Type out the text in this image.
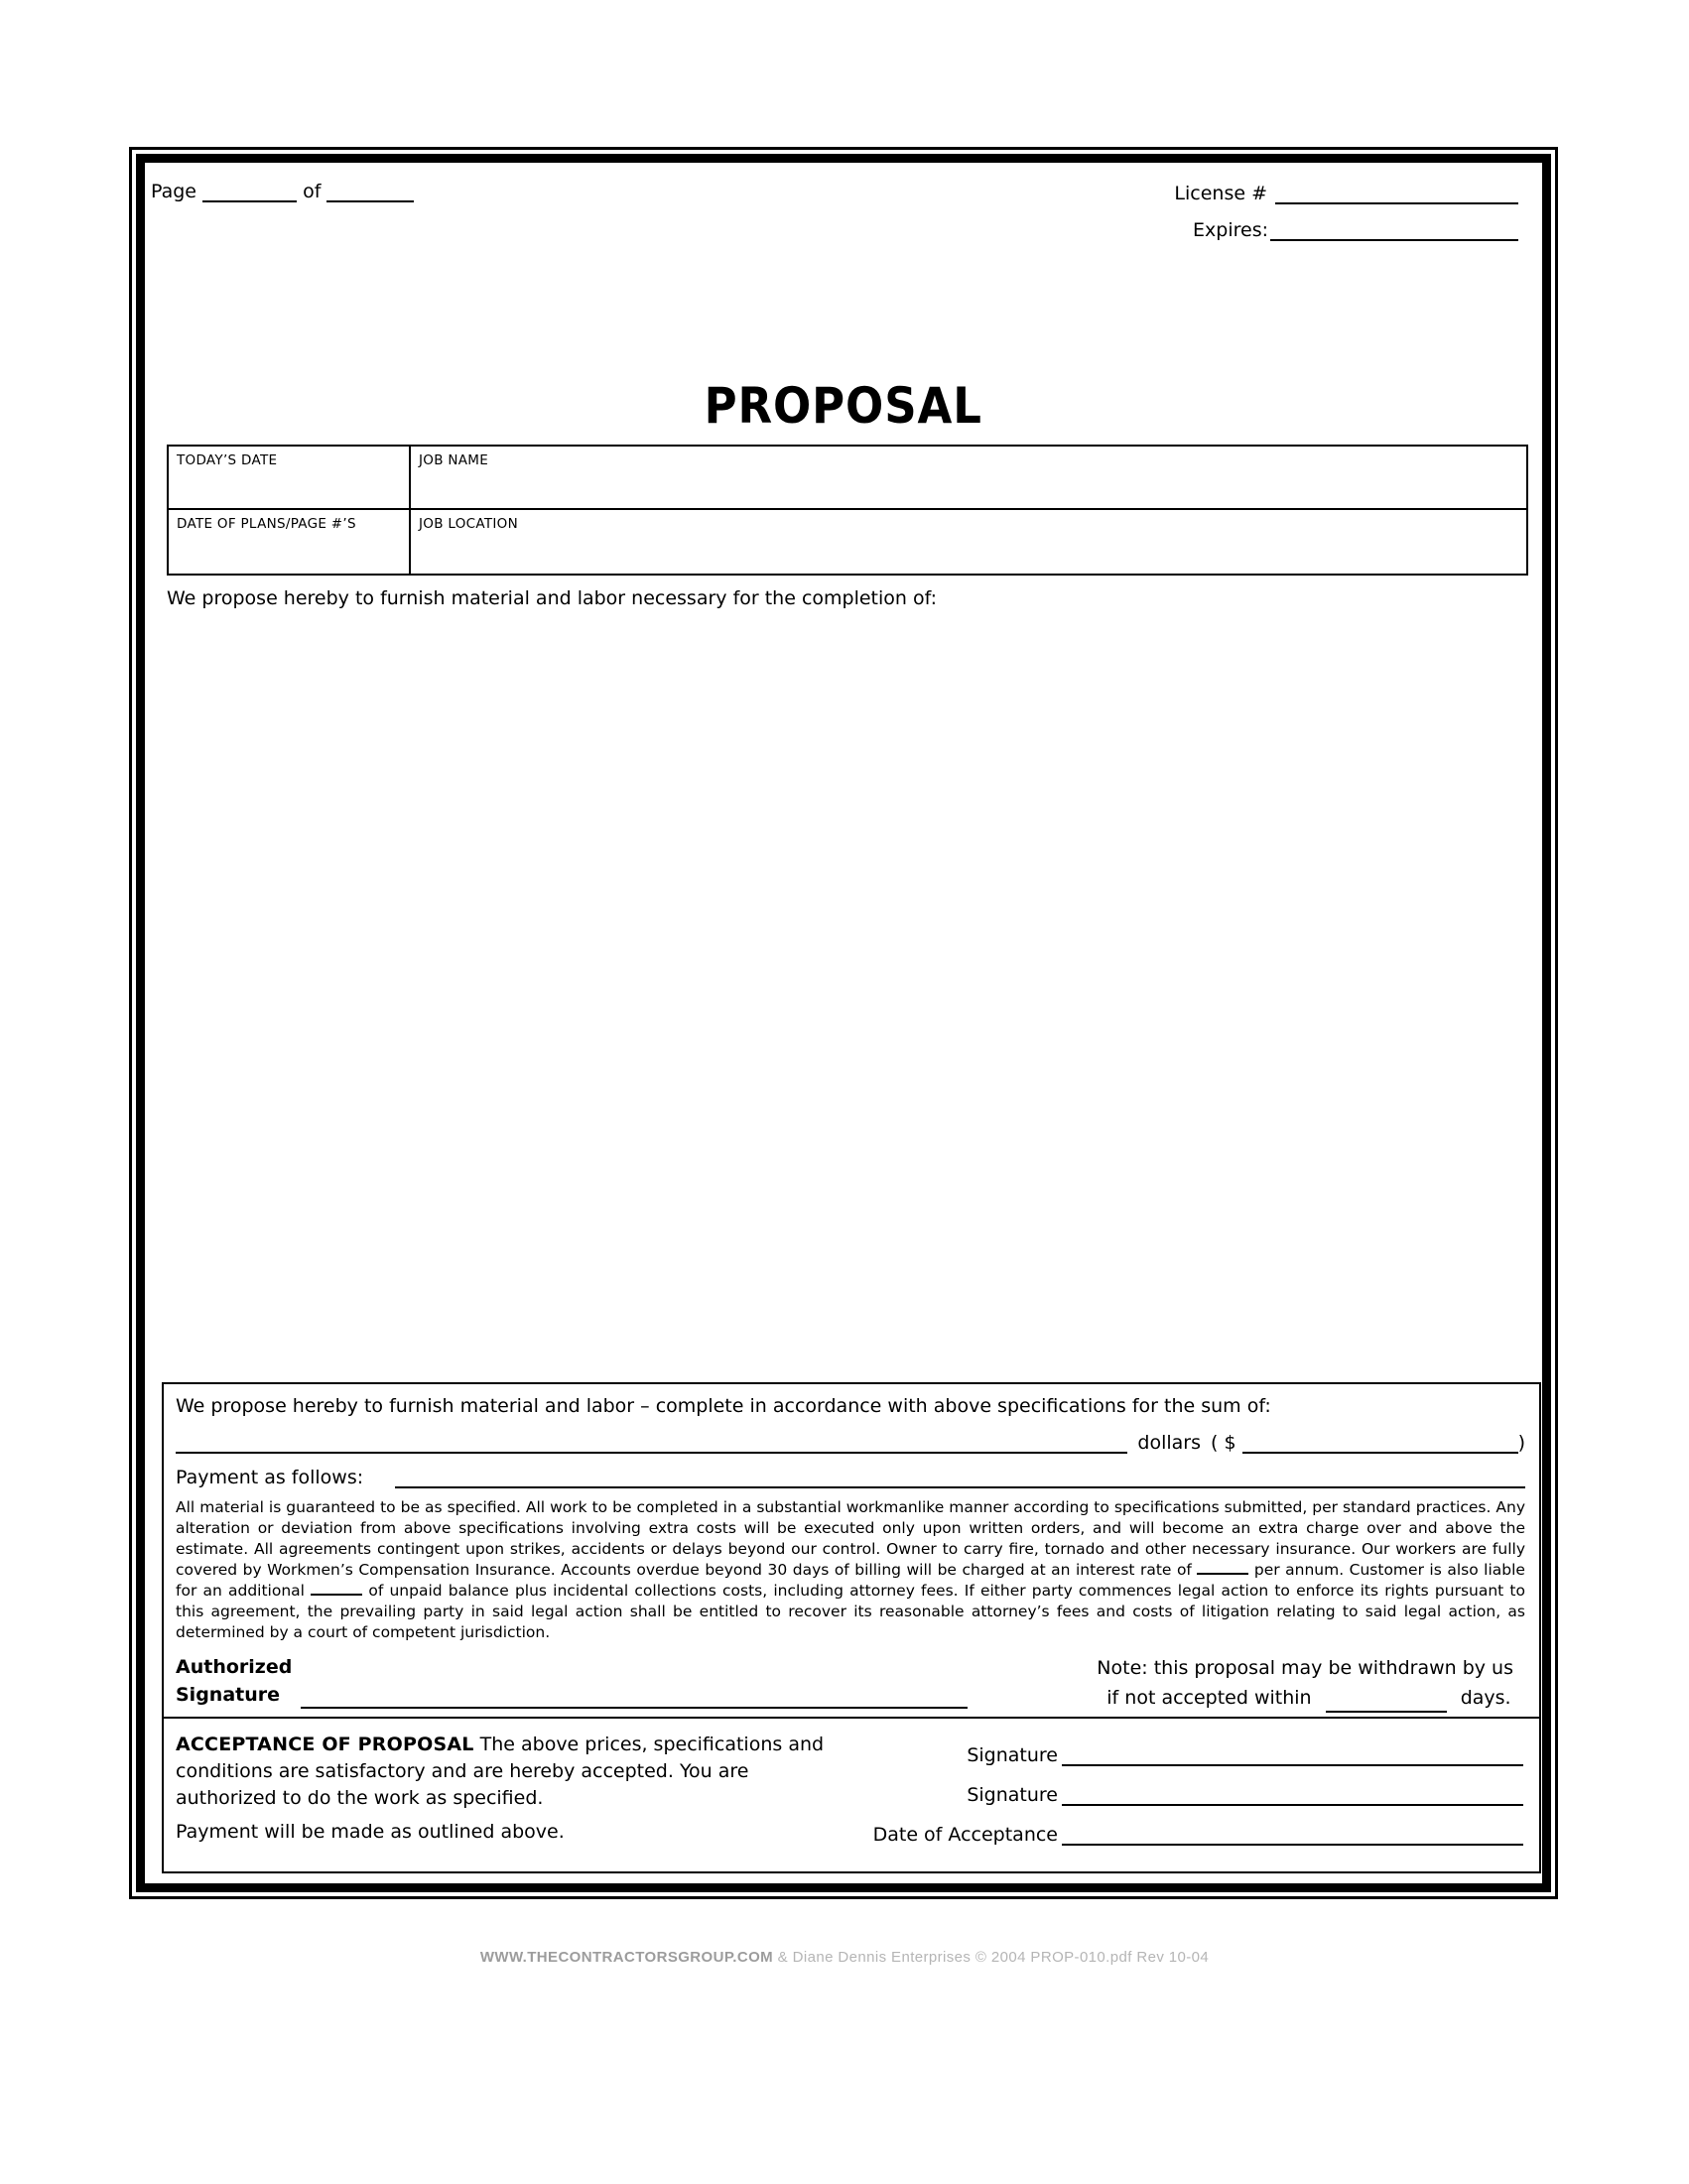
Page	of	License #
Expires:
PROPOSAL
TODAY’S DATE	JOB NAME
DATE OF PLANS/PAGE #’S	JOB LOCATION
We propose hereby to furnish material and labor necessary for the completion of:
We propose hereby to furnish material and labor – complete in accordance with above specifications for the sum of:
dollars ( $	)
Payment as follows:

All material is guaranteed to be as specified. All work to be completed in a substantial workmanlike manner according to specifications submitted, per standard practices. Any alteration or deviation from above specifications involving extra costs will be executed only upon written orders, and will become an extra charge over and above the estimate. All agreements contingent upon strikes, accidents or delays beyond our control. Owner to carry fire, tornado and other necessary insurance. Our workers are fully covered by Workmen’s Compensation Insurance. Accounts overdue beyond 30 days of billing will be charged at an interest rate of	per annum. Customer is also liable for an additional	of unpaid balance plus incidental collections costs, including attorney fees. If either party commences legal action to enforce its rights pursuant to this agreement, the prevailing party in said legal action shall be entitled to recover its reasonable attorney’s fees and costs of litigation relating to said legal action, as determined by a court of competent jurisdiction.

Authorized
Signature
Note: this proposal may be withdrawn by us
if not accepted within	days.
ACCEPTANCE OF PROPOSAL The above prices, specifications and conditions are satisfactory and are hereby accepted. You are authorized to do the work as specified.
Payment will be made as outlined above.
Signature
Signature
Date of Acceptance
WWW.THECONTRACTORSGROUP.COM & Diane Dennis Enterprises © 2004 PROP-010.pdf Rev 10-04
